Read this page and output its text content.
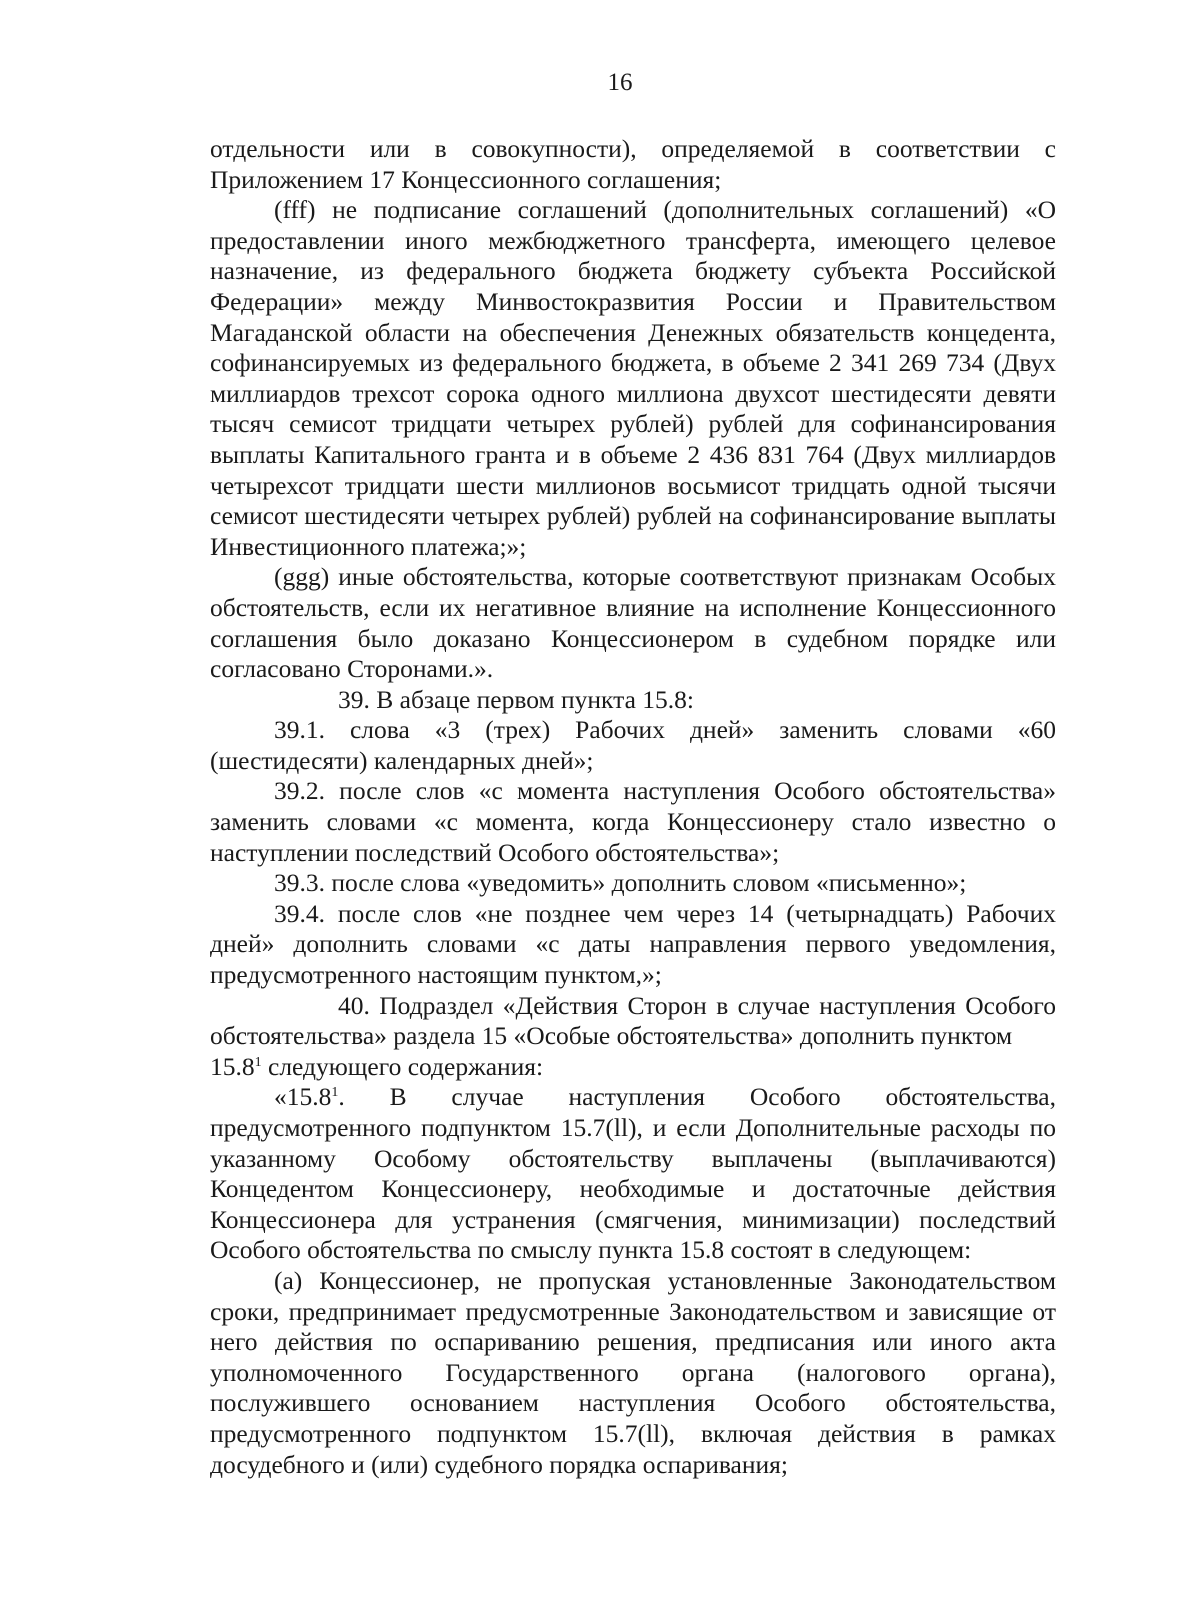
16

отдельности или в совокупности), определяемой в соответствии с Приложением 17 Концессионного соглашения;

(fff) не подписание соглашений (дополнительных соглашений) «О предоставлении иного межбюджетного трансферта, имеющего целевое назначение, из федерального бюджета бюджету субъекта Российской Федерации» между Минвостокразвития России и Правительством Магаданской области на обеспечения Денежных обязательств концедента, софинансируемых из федерального бюджета, в объеме 2 341 269 734 (Двух миллиардов трехсот сорока одного миллиона двухсот шестидесяти девяти тысяч семисот тридцати четырех рублей) рублей для софинансирования выплаты Капитального гранта и в объеме 2 436 831 764 (Двух миллиардов четырехсот тридцати шести миллионов восьмисот тридцать одной тысячи семисот шестидесяти четырех рублей) рублей на софинансирование выплаты Инвестиционного платежа;»;

(ggg) иные обстоятельства, которые соответствуют признакам Особых обстоятельств, если их негативное влияние на исполнение Концессионного соглашения было доказано Концессионером в судебном порядке или согласовано Сторонами.».

39. В абзаце первом пункта 15.8:

39.1. слова «3 (трех) Рабочих дней» заменить словами «60 (шестидесяти) календарных дней»;

39.2. после слов «с момента наступления Особого обстоятельства» заменить словами «с момента, когда Концессионеру стало известно о наступлении последствий Особого обстоятельства»;

39.3. после слова «уведомить» дополнить словом «письменно»;

39.4. после слов «не позднее чем через 14 (четырнадцать) Рабочих дней» дополнить словами «с даты направления первого уведомления, предусмотренного настоящим пунктом,»;

40. Подраздел «Действия Сторон в случае наступления Особого обстоятельства» раздела 15 «Особые обстоятельства» дополнить пунктом

15.8$^1$ следующего содержания:

«15.8$^1$. В случае наступления Особого обстоятельства, предусмотренного подпунктом 15.7(ll), и если Дополнительные расходы по указанному Особому обстоятельству выплачены (выплачиваются) Концедентом Концессионеру, необходимые и достаточные действия Концессионера для устранения (смягчения, минимизации) последствий Особого обстоятельства по смыслу пункта 15.8 состоят в следующем:

(а) Концессионер, не пропуская установленные Законодательством сроки, предпринимает предусмотренные Законодательством и зависящие от него действия по оспариванию решения, предписания или иного акта уполномоченного Государственного органа (налогового органа), послужившего основанием наступления Особого обстоятельства, предусмотренного подпунктом 15.7(ll), включая действия в рамках досудебного и (или) судебного порядка оспаривания;
